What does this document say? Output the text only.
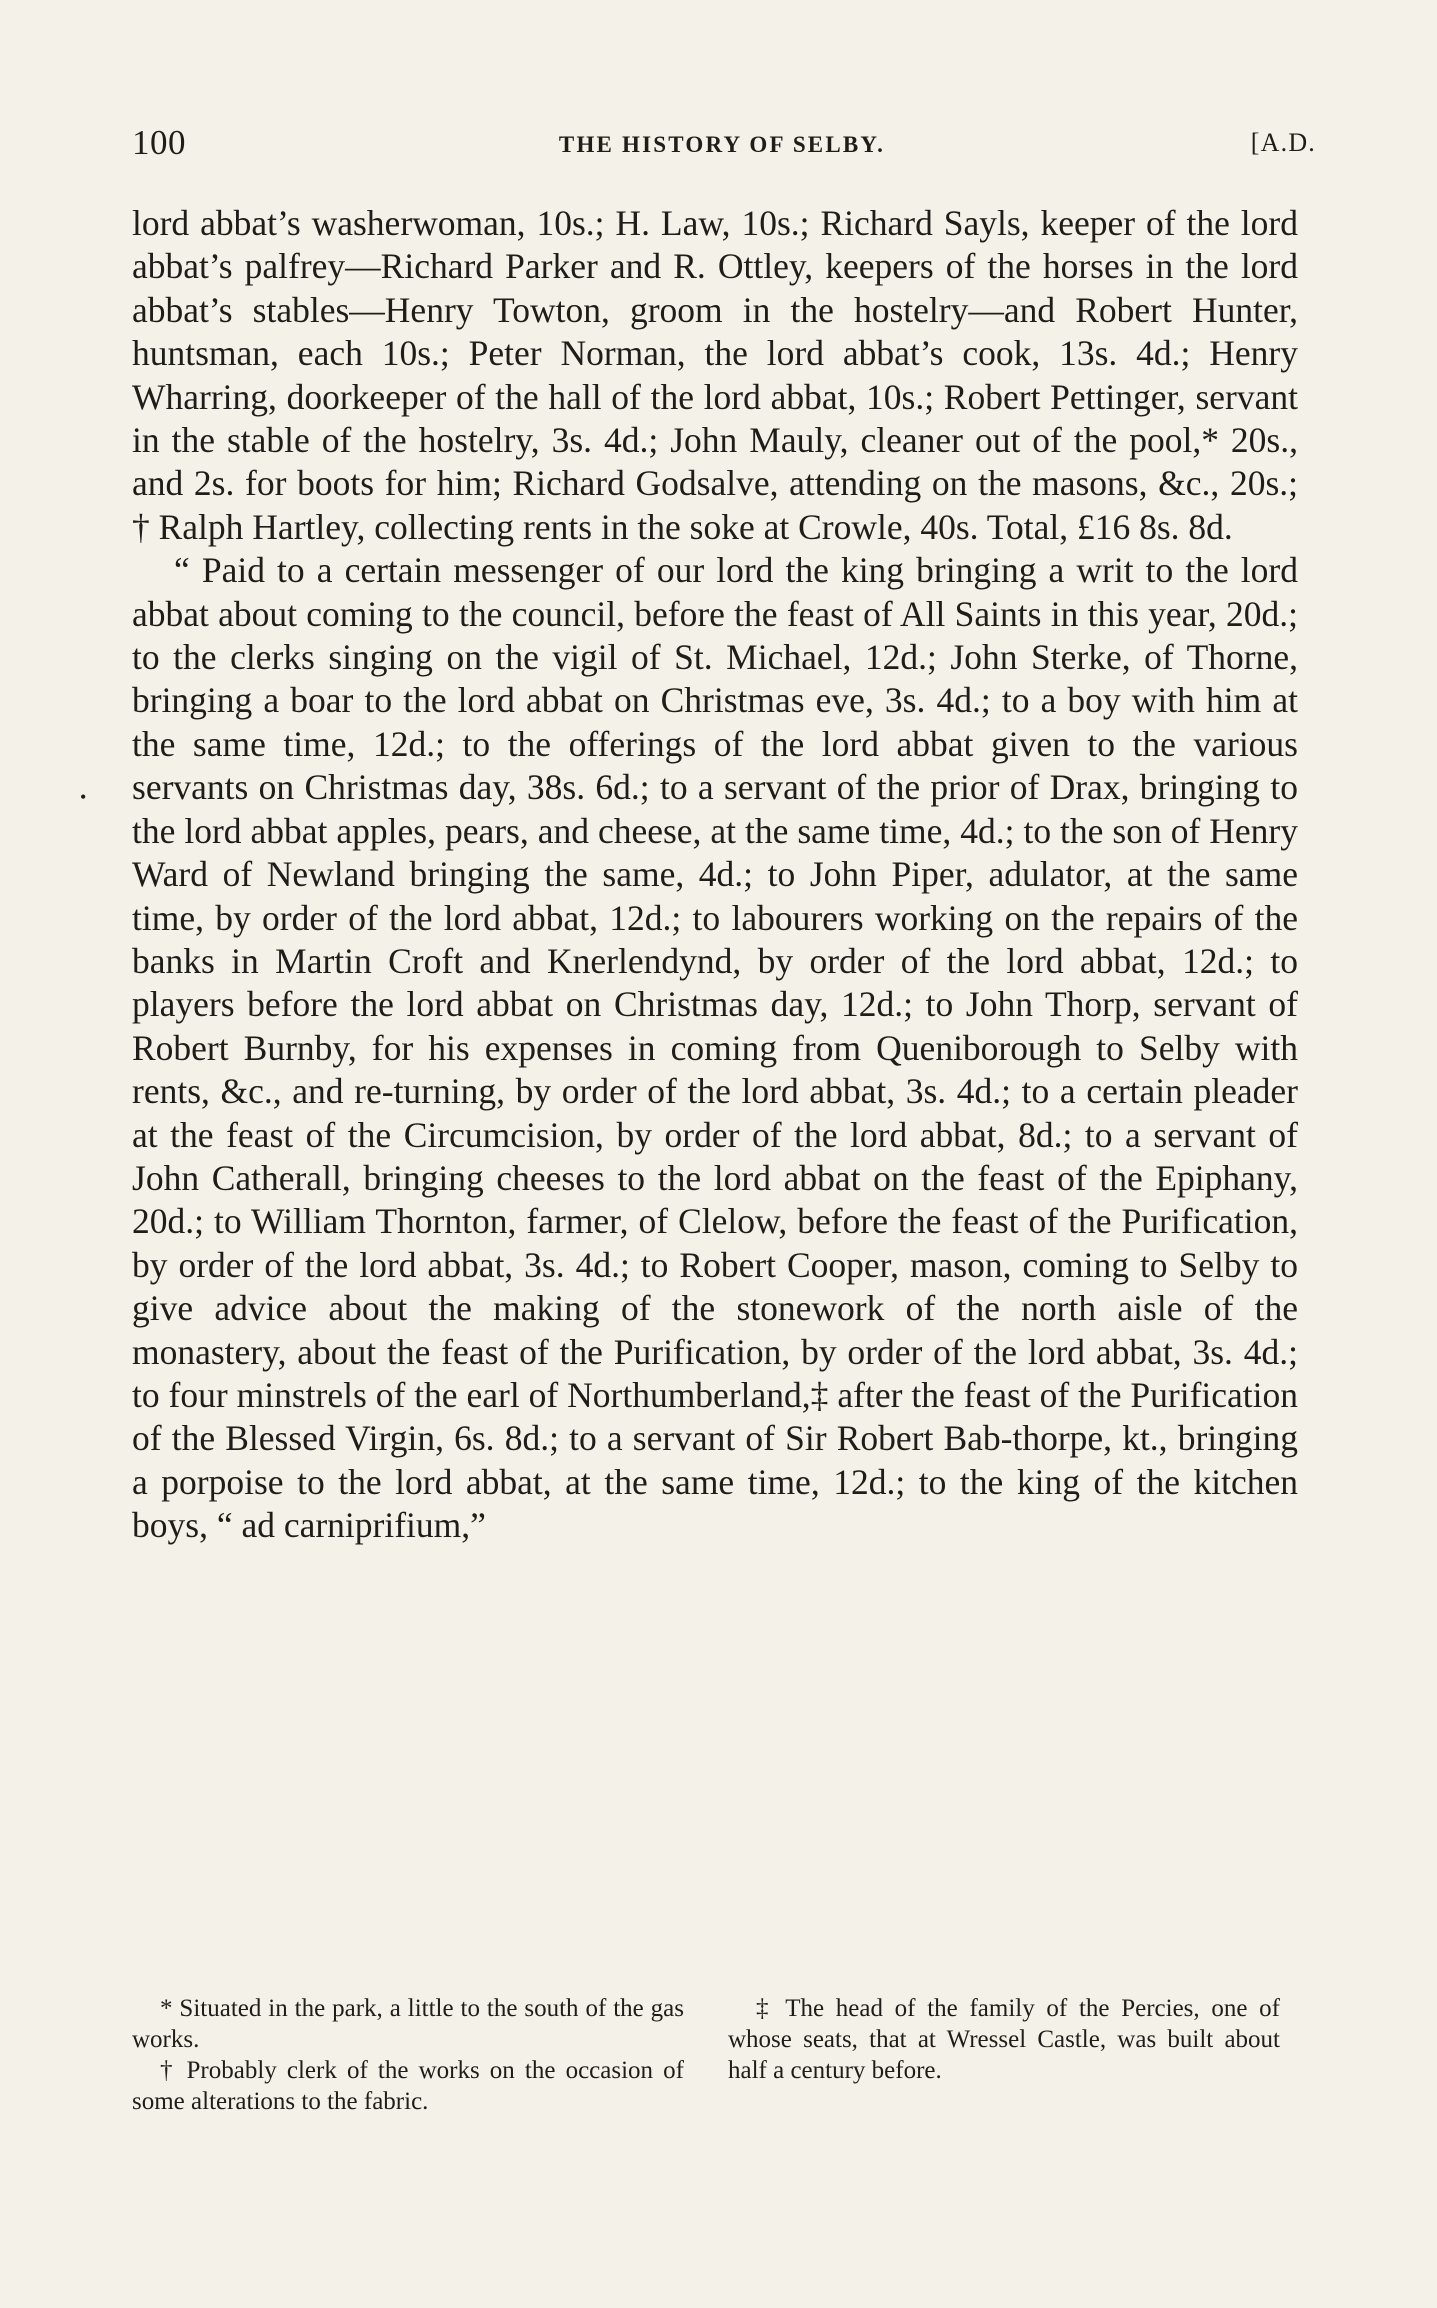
100	THE HISTORY OF SELBY.	[A.D.
•

lord abbat’s washerwoman, 10s.; H. Law, 10s.; Richard Sayls, keeper of the lord abbat’s palfrey—Richard Parker and R. Ottley, keepers of the horses in the lord abbat’s stables—Henry Towton, groom in the hostelry—and Robert Hunter, huntsman, each 10s.; Peter Norman, the lord abbat’s cook, 13s. 4d.; Henry Wharring, doorkeeper of the hall of the lord abbat, 10s.; Robert Pettinger, servant in the stable of the hostelry, 3s. 4d.; John Mauly, cleaner out of the pool,* 20s., and 2s. for boots for him; Richard Godsalve, attending on the masons, &c., 20s.; † Ralph Hartley, collecting rents in the soke at Crowle, 40s. Total, £16 8s. 8d.

“ Paid to a certain messenger of our lord the king bringing a writ to the lord abbat about coming to the council, before the feast of All Saints in this year, 20d.; to the clerks singing on the vigil of St. Michael, 12d.; John Sterke, of Thorne, bringing a boar to the lord abbat on Christmas eve, 3s. 4d.; to a boy with him at the same time, 12d.; to the offerings of the lord abbat given to the various servants on Christmas day, 38s. 6d.; to a servant of the prior of Drax, bringing to the lord abbat apples, pears, and cheese, at the same time, 4d.; to the son of Henry Ward of Newland bringing the same, 4d.; to John Piper, adulator, at the same time, by order of the lord abbat, 12d.; to labourers working on the repairs of the banks in Martin Croft and Knerlendynd, by order of the lord abbat, 12d.; to players before the lord abbat on Christmas day, 12d.; to John Thorp, servant of Robert Burnby, for his expenses in coming from Queniborough to Selby with rents, &c., and re-turning, by order of the lord abbat, 3s. 4d.; to a certain pleader at the feast of the Circumcision, by order of the lord abbat, 8d.; to a servant of John Catherall, bringing cheeses to the lord abbat on the feast of the Epiphany, 20d.; to William Thornton, farmer, of Clelow, before the feast of the Purification, by order of the lord abbat, 3s. 4d.; to Robert Cooper, mason, coming to Selby to give advice about the making of the stonework of the north aisle of the monastery, about the feast of the Purification, by order of the lord abbat, 3s. 4d.; to four minstrels of the earl of Northumberland,‡ after the feast of the Purification of the Blessed Virgin, 6s. 8d.; to a servant of Sir Robert Bab-thorpe, kt., bringing a porpoise to the lord abbat, at the same time, 12d.; to the king of the kitchen boys, “ ad carniprifium,”

* Situated in the park, a little to the south of the gas works.

† Probably clerk of the works on the occasion of some alterations to the fabric.

‡ The head of the family of the Percies, one of whose seats, that at Wressel Castle, was built about half a century before.
